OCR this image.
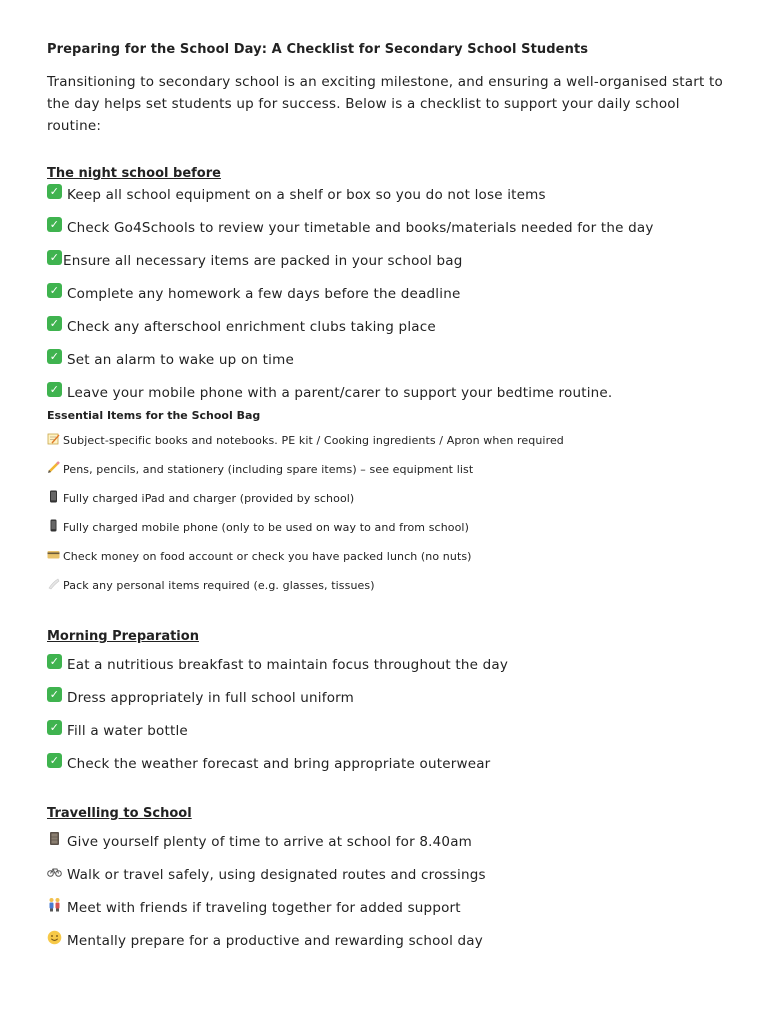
Preparing for the School Day: A Checklist for Secondary School Students

Transitioning to secondary school is an exciting milestone, and ensuring a well-organised start to the day helps set students up for success. Below is a checklist to support your daily school routine:

The night school before
✓ Keep all school equipment on a shelf or box so you do not lose items
✓ Check Go4Schools to review your timetable and books/materials needed for the day
✓ Ensure all necessary items are packed in your school bag
✓ Complete any homework a few days before the deadline
✓ Check any afterschool enrichment clubs taking place
✓ Set an alarm to wake up on time
✓ Leave your mobile phone with a parent/carer to support your bedtime routine.
Essential Items for the School Bag
Subject-specific books and notebooks. PE kit / Cooking ingredients / Apron when required
Pens, pencils, and stationery (including spare items) – see equipment list
Fully charged iPad and charger (provided by school)
Fully charged mobile phone (only to be used on way to and from school)
Check money on food account or check you have packed lunch (no nuts)
Pack any personal items required (e.g. glasses, tissues)
Morning Preparation
✓ Eat a nutritious breakfast to maintain focus throughout the day
✓ Dress appropriately in full school uniform
✓ Fill a water bottle
✓ Check the weather forecast and bring appropriate outerwear
Travelling to School
Give yourself plenty of time to arrive at school for 8.40am
Walk or travel safely, using designated routes and crossings
Meet with friends if traveling together for added support
Mentally prepare for a productive and rewarding school day
